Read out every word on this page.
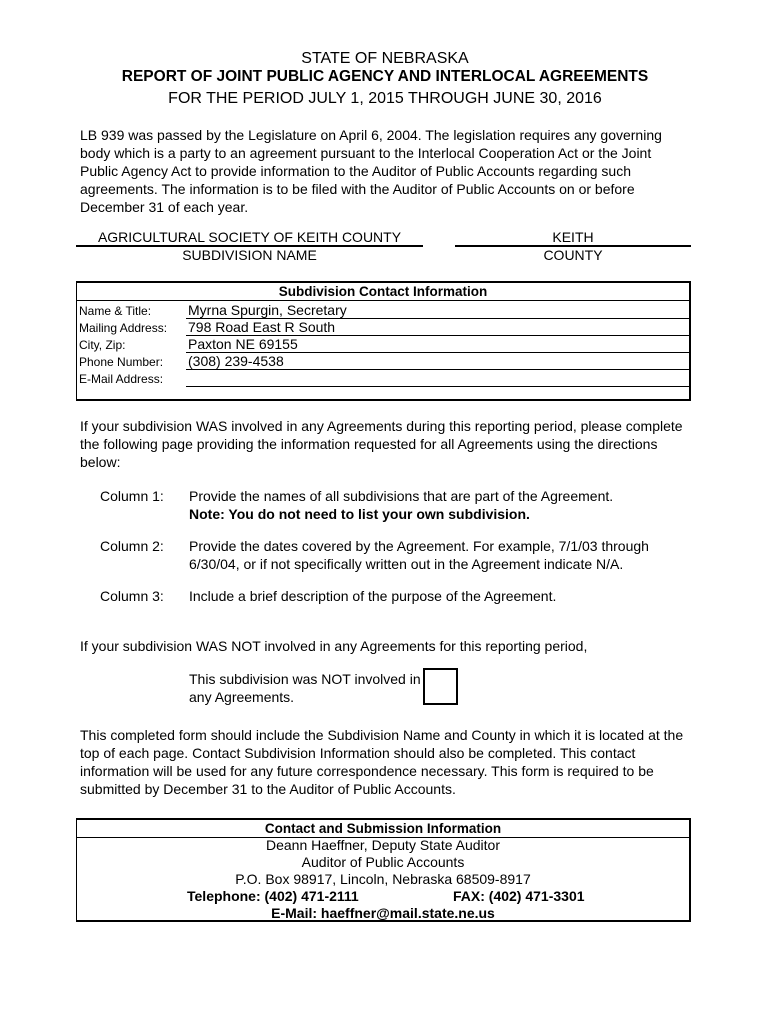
STATE OF NEBRASKA
REPORT OF JOINT PUBLIC AGENCY AND INTERLOCAL AGREEMENTS
FOR THE PERIOD JULY 1, 2015 THROUGH JUNE 30, 2016
LB 939 was passed by the Legislature on April 6, 2004. The legislation requires any governing
body which is a party to an agreement pursuant to the Interlocal Cooperation Act or the Joint
Public Agency Act to provide information to the Auditor of Public Accounts regarding such
agreements. The information is to be filed with the Auditor of Public Accounts on or before
December 31 of each year.
AGRICULTURAL SOCIETY OF KEITH COUNTY
SUBDIVISION NAME
KEITH
COUNTY
Subdivision Contact Information
Name & Title:	Myrna Spurgin, Secretary
Mailing Address: 798 Road East R South
City, Zip:	Paxton NE 69155
Phone Number: (308) 239-4538
E-Mail Address:
If your subdivision WAS involved in any Agreements during this reporting period, please complete
the following page providing the information requested for all Agreements using the directions
below:
Column 1: Provide the names of all subdivisions that are part of the Agreement.
Note: You do not need to list your own subdivision.
Column 2: Provide the dates covered by the Agreement. For example, 7/1/03 through
6/30/04, or if not specifically written out in the Agreement indicate N/A.
Column 3: Include a brief description of the purpose of the Agreement.
If your subdivision WAS NOT involved in any Agreements for this reporting period,
This subdivision was NOT involved in
any Agreements.
This completed form should include the Subdivision Name and County in which it is located at the
top of each page. Contact Subdivision Information should also be completed. This contact
information will be used for any future correspondence necessary. This form is required to be
submitted by December 31 to the Auditor of Public Accounts.
Contact and Submission Information
Deann Haeffner, Deputy State Auditor
Auditor of Public Accounts
P.O. Box 98917, Lincoln, Nebraska 68509-8917
Telephone: (402) 471-2111	FAX: (402) 471-3301
E-Mail: haeffner@mail.state.ne.us
